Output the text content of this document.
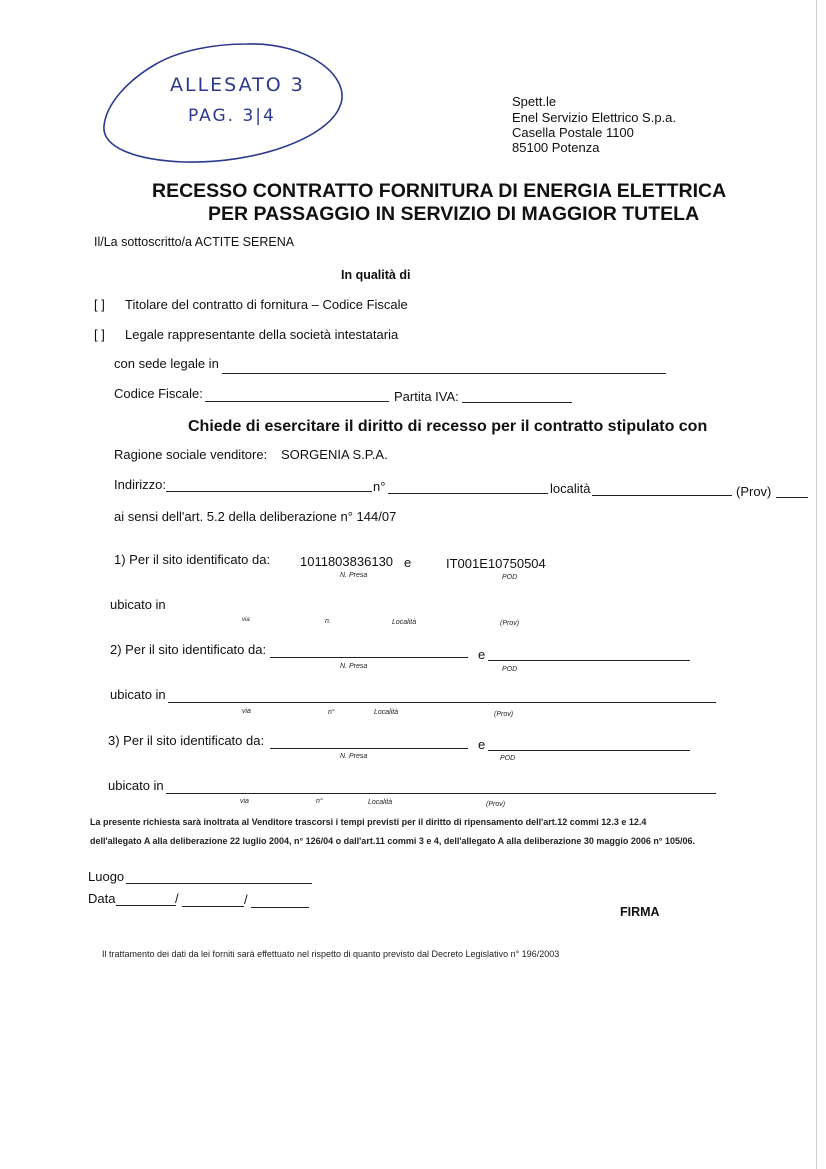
ALLESATO 3
PAG. 3|4
Spett.le
Enel Servizio Elettrico S.p.a.
Casella Postale 1100
85100 Potenza
RECESSO CONTRATTO FORNITURA DI ENERGIA ELETTRICA
PER PASSAGGIO IN SERVIZIO DI MAGGIOR TUTELA
Il/La sottoscritto/a ACTITE SERENA
In qualità di
[ ] Titolare del contratto di fornitura – Codice Fiscale
[ ] Legale rappresentante della società intestataria
con sede legale in
Codice Fiscale:	Partita IVA:
Chiede di esercitare il diritto di recesso per il contratto stipulato con
Ragione sociale venditore: SORGENIA S.P.A.
Indirizzo:	n°	località	(Prov)
ai sensi dell'art. 5.2 della deliberazione n° 144/07
1) Per il sito identificato da: 1011803836130 e	IT001E10750504
N. Presa	POD
ubicato in
via	n.	Località	(Prov)
2) Per il sito identificato da:	e
N. Presa	POD
ubicato in
via	n°	Località	(Prov)
3) Per il sito identificato da:	e
N. Presa	POD
ubicato in
via	n°	Località	(Prov)
La presente richiesta sarà inoltrata al Venditore trascorsi i tempi previsti per il diritto di ripensamento dell'art.12 commi 12.3 e 12.4
dell'allegato A alla deliberazione 22 luglio 2004, n° 126/04 o dall'art.11 commi 3 e 4, dell'allegato A alla deliberazione 30 maggio 2006 n° 105/06.
Luogo
Data	/	/
FIRMA
Il trattamento dei dati da lei forniti sarà effettuato nel rispetto di quanto previsto dal Decreto Legislativo n° 196/2003
